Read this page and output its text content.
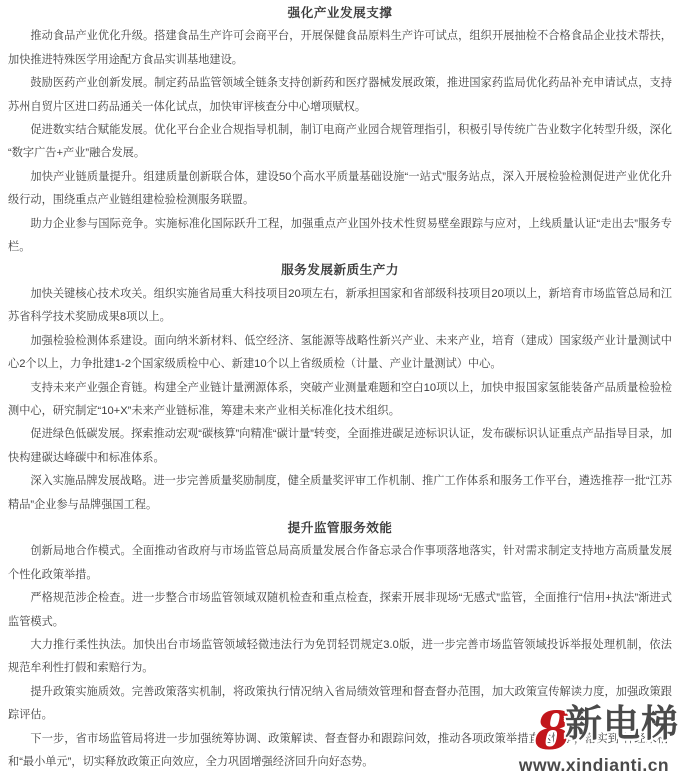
强化产业发展支撑

推动食品产业优化升级。搭建食品生产许可会商平台，开展保健食品原料生产许可试点，组织开展抽检不合格食品企业技术帮扶，加快推进特殊医学用途配方食品实训基地建设。

鼓励医药产业创新发展。制定药品监管领域全链条支持创新药和医疗器械发展政策，推进国家药监局优化药品补充申请试点，支持苏州自贸片区进口药品通关一体化试点，加快审评核查分中心增项赋权。

促进数实结合赋能发展。优化平台企业合规指导机制，制订电商产业园合规管理指引，积极引导传统广告业数字化转型升级，深化“数字广告+产业”融合发展。

加快产业链质量提升。组建质量创新联合体，建设50个高水平质量基础设施“一站式”服务站点，深入开展检验检测促进产业优化升级行动，围绕重点产业链组建检验检测服务联盟。

助力企业参与国际竞争。实施标准化国际跃升工程，加强重点产业国外技术性贸易壁垒跟踪与应对，上线质量认证“走出去”服务专栏。

服务发展新质生产力

加快关键核心技术攻关。组织实施省局重大科技项目20项左右，新承担国家和省部级科技项目20项以上，新培育市场监管总局和江苏省科学技术奖励成果8项以上。

加强检验检测体系建设。面向纳米新材料、低空经济、氢能源等战略性新兴产业、未来产业，培育（建成）国家级产业计量测试中心2个以上，力争批建1-2个国家级质检中心、新建10个以上省级质检（计量、产业计量测试）中心。

支持未来产业强企育链。构建全产业链计量溯源体系，突破产业测量难题和空白10项以上，加快申报国家氢能装备产品质量检验检测中心，研究制定“10+X”未来产业链标准，筹建未来产业相关标准化技术组织。

促进绿色低碳发展。探索推动宏观“碳核算”向精准“碳计量”转变，全面推进碳足迹标识认证，发布碳标识认证重点产品指导目录，加快构建碳达峰碳中和标准体系。

深入实施品牌发展战略。进一步完善质量奖励制度，健全质量奖评审工作机制、推广工作体系和服务工作平台，遴选推荐一批“江苏精品”企业参与品牌强国工程。

提升监管服务效能

创新局地合作模式。全面推动省政府与市场监管总局高质量发展合作备忘录合作事项落地落实，针对需求制定支持地方高质量发展个性化政策举措。

严格规范涉企检查。进一步整合市场监管领域双随机检查和重点检查，探索开展非现场“无感式”监管，全面推行“信用+执法”渐进式监管模式。

大力推行柔性执法。加快出台市场监管领域轻微违法行为免罚轻罚规定3.0版，进一步完善市场监管领域投诉举报处理机制，依法规范牟利性打假和索赔行为。

提升政策实施质效。完善政策落实机制，将政策执行情况纳入省局绩效管理和督查督办范围，加大政策宣传解读力度，加强政策跟踪评估。

下一步，省市场监管局将进一步加强统筹协调、政策解读、督查督办和跟踪问效，推动各项政策举措直达快享，落实到“神经末梢”和“最小单元”，切实释放政策正向效应，全力巩固增强经济回升向好态势。	8
新电梯
www.xindianti.cn
